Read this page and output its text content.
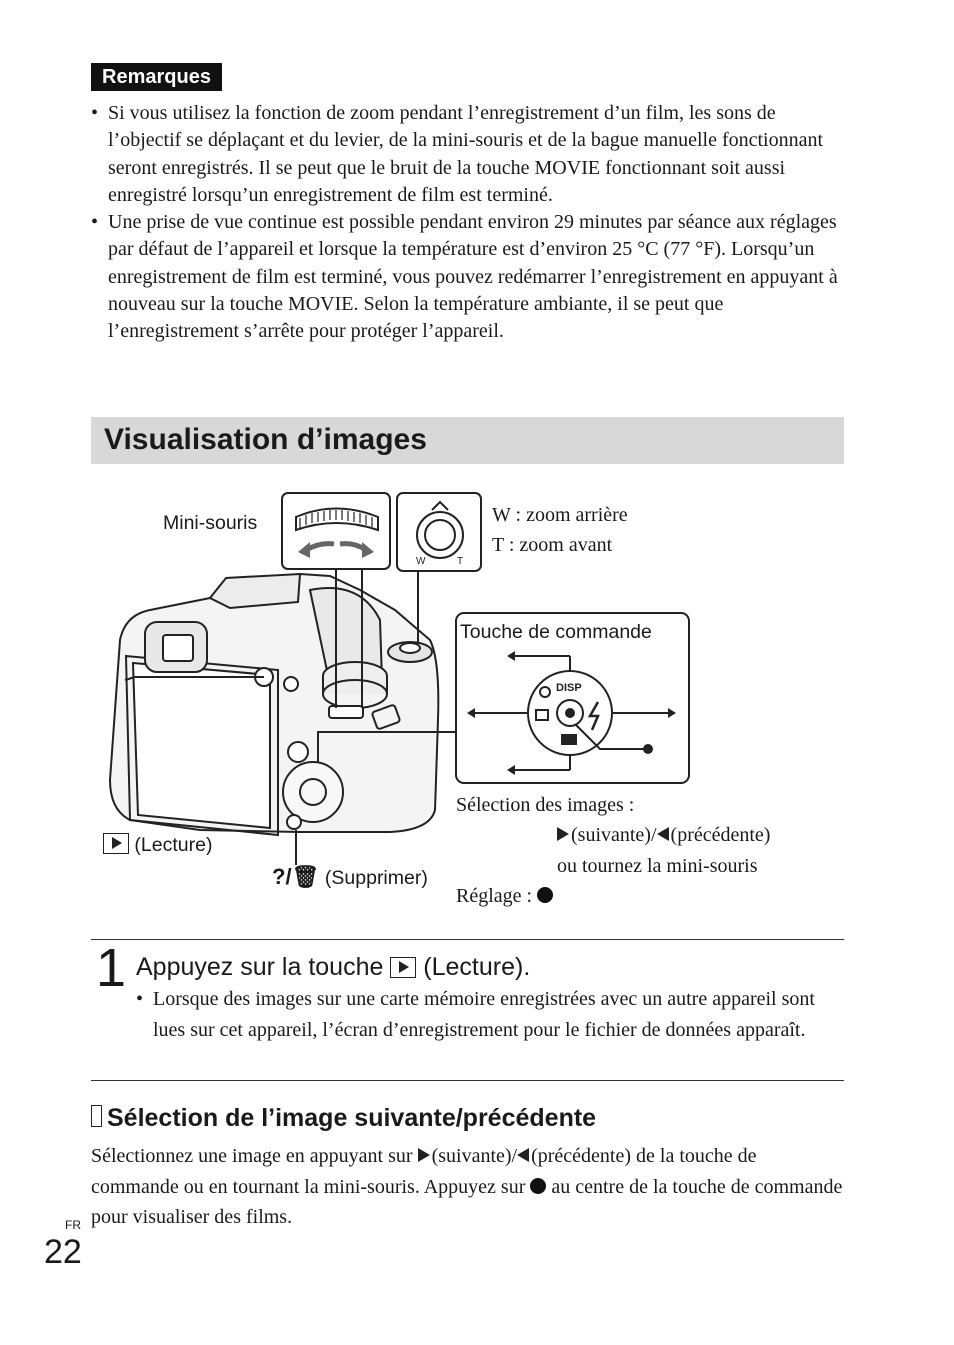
Remarques
• Si vous utilisez la fonction de zoom pendant l’enregistrement d’un film, les sons de l’objectif se déplaçant et du levier, de la mini-souris et de la bague manuelle fonctionnant seront enregistrés. Il se peut que le bruit de la touche MOVIE fonctionnant soit aussi enregistré lorsqu’un enregistrement de film est terminé.
• Une prise de vue continue est possible pendant environ 29 minutes par séance aux réglages par défaut de l’appareil et lorsque la température est d’environ 25 °C (77 °F). Lorsqu’un enregistrement de film est terminé, vous pouvez redémarrer l’enregistrement en appuyant à nouveau sur la touche MOVIE. Selon la température ambiante, il se peut que l’enregistrement s’arrête pour protéger l’appareil.
Visualisation d’images
W	T
DISP
Mini-souris	W : zoom arrière
T : zoom avant
Touche de commande
(Lecture)
?/🗑 (Supprimer)
Sélection des images :
(suivante)/ (précédente)
ou tournez la mini-souris
Réglage :
1 Appuyez sur la touche (Lecture).
• Lorsque des images sur une carte mémoire enregistrées avec un autre appareil sont lues sur cet appareil, l’écran d’enregistrement pour le fichier de données apparaît.
Sélection de l’image suivante/précédente
Sélectionnez une image en appuyant sur (suivante)/ (précédente) de la touche de commande ou en tournant la mini-souris. Appuyez sur au centre de la touche de commande pour visualiser des films.
FR
22
